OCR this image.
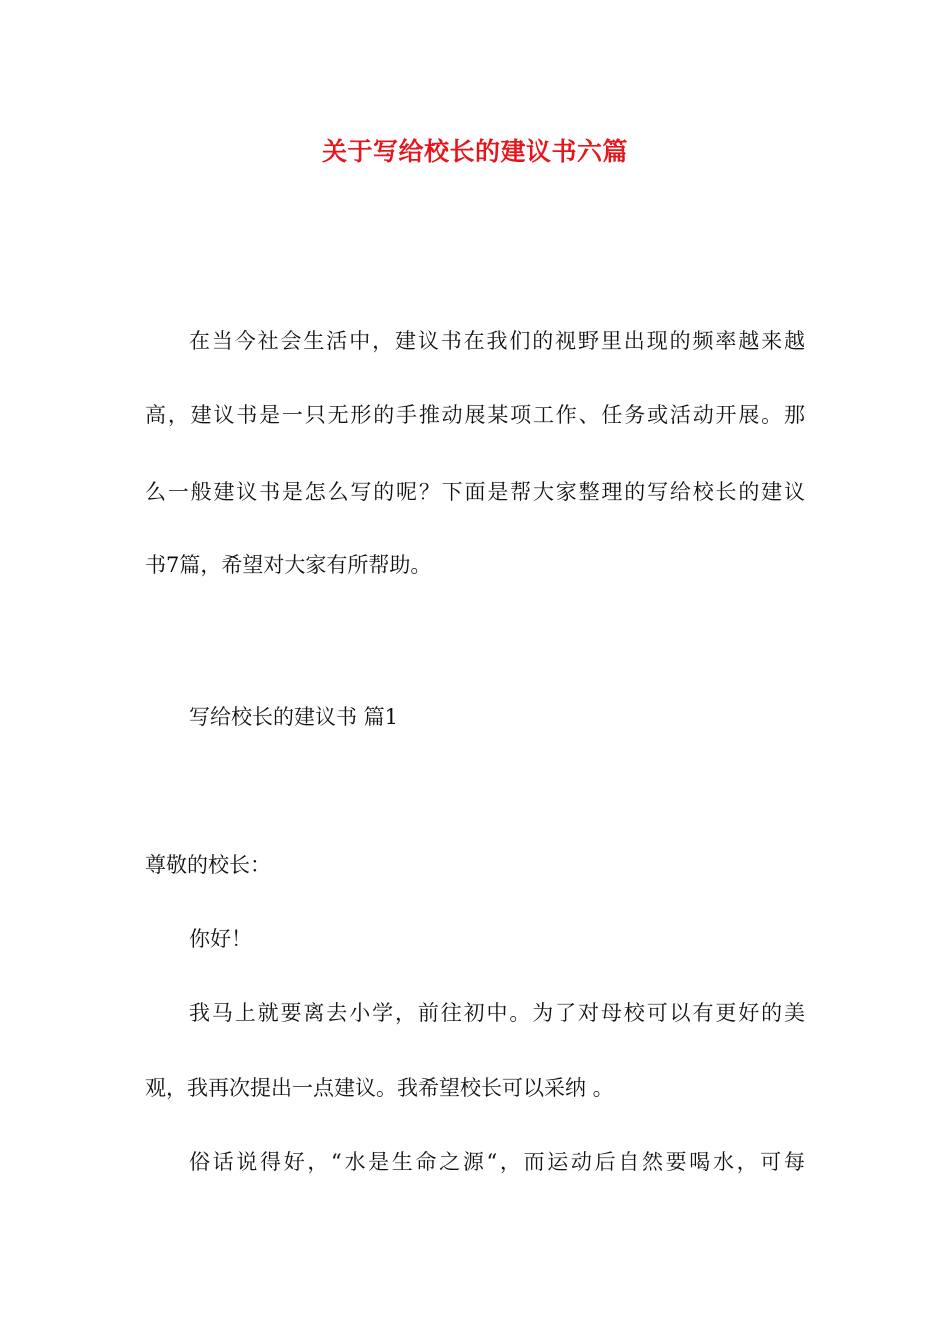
关于写给校长的建议书六篇

在当今社会生活中，建议书在我们的视野里出现的频率越来越

高，建议书是一只无形的手推动展某项工作、任务或活动开展。那

么一般建议书是怎么写的呢？下面是帮大家整理的写给校长的建议

书7篇，希望对大家有所帮助。

写给校长的建议书 篇1

尊敬的校长：

你好！

我马上就要离去小学，前往初中。为了对母校可以有更好的美

观，我再次提出一点建议。我希望校长可以采纳 。

俗话说得好，“水是生命之源“，而运动后自然要喝水，可每
